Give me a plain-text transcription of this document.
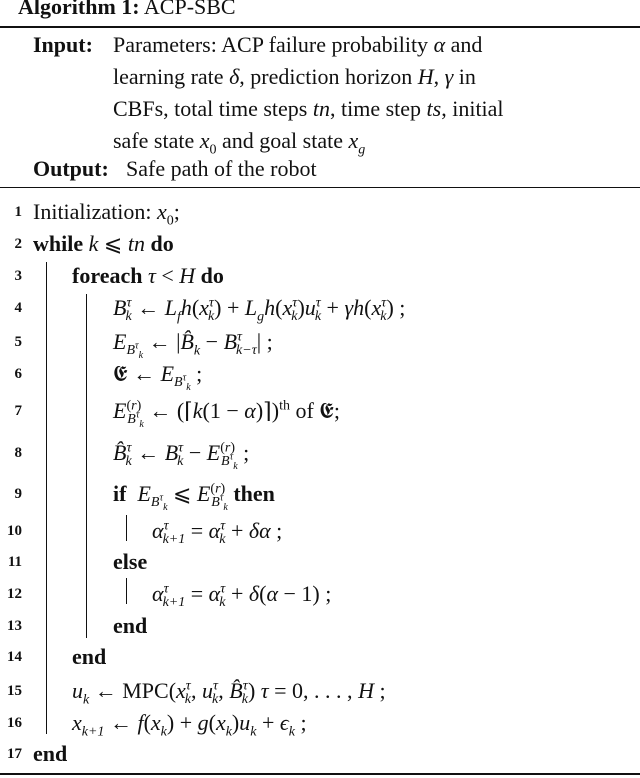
Algorithm 1: ACP-SBC
Input: Parameters: ACP failure probability α and
learning rate δ, prediction horizon H, γ in
CBFs, total time steps tn, time step ts, initial
safe state $x_0$ and goal state $x_g$
Output: Safe path of the robot
1 Initialization: $x_0$;
2 while k ⩽ tn do
3 foreach τ < H do
4	$B^\tau_k$ ← $L_fh(x^\tau_k) + L_gh(x^\tau_k)u^\tau_k + \gamma h(x^\tau_k)$ ;
5	$E_{B^\tau_k}$ ← $|B̂_k - B^\tau_{k-\tau}|$ ;
6	𝕰 ← $E_{B^\tau_k}$ ;
7	$E^{(r)}_{B^\tau_k}$ ← (⌈k(1 − α)⌉)$^{th}$ of 𝕰;
8	B̂$^\tau_k$ ← $B^\tau_k - E^{(r)}_{B^\tau_k}$ ;
9	if $E_{B^\tau_k}$ ⩽ $E^{(r)}_{B^\tau_k}$ then
10	$\alpha^\tau_{k+1} = \alpha^\tau_k + \delta\alpha$ ;
11	else
12	$\alpha^\tau_{k+1} = \alpha^\tau_k + \delta(\alpha - 1)$ ;
13	end
14 end
15 $u_k$ ← $MPC(x^\tau_k$, $u^\tau_k$, B̂$^\tau_k$) τ = 0, . . . , H ;
16 $x_{k+1}$ ← $f(x_k) + g(x_k)u_k + \epsilon_k$ ;
17 end
